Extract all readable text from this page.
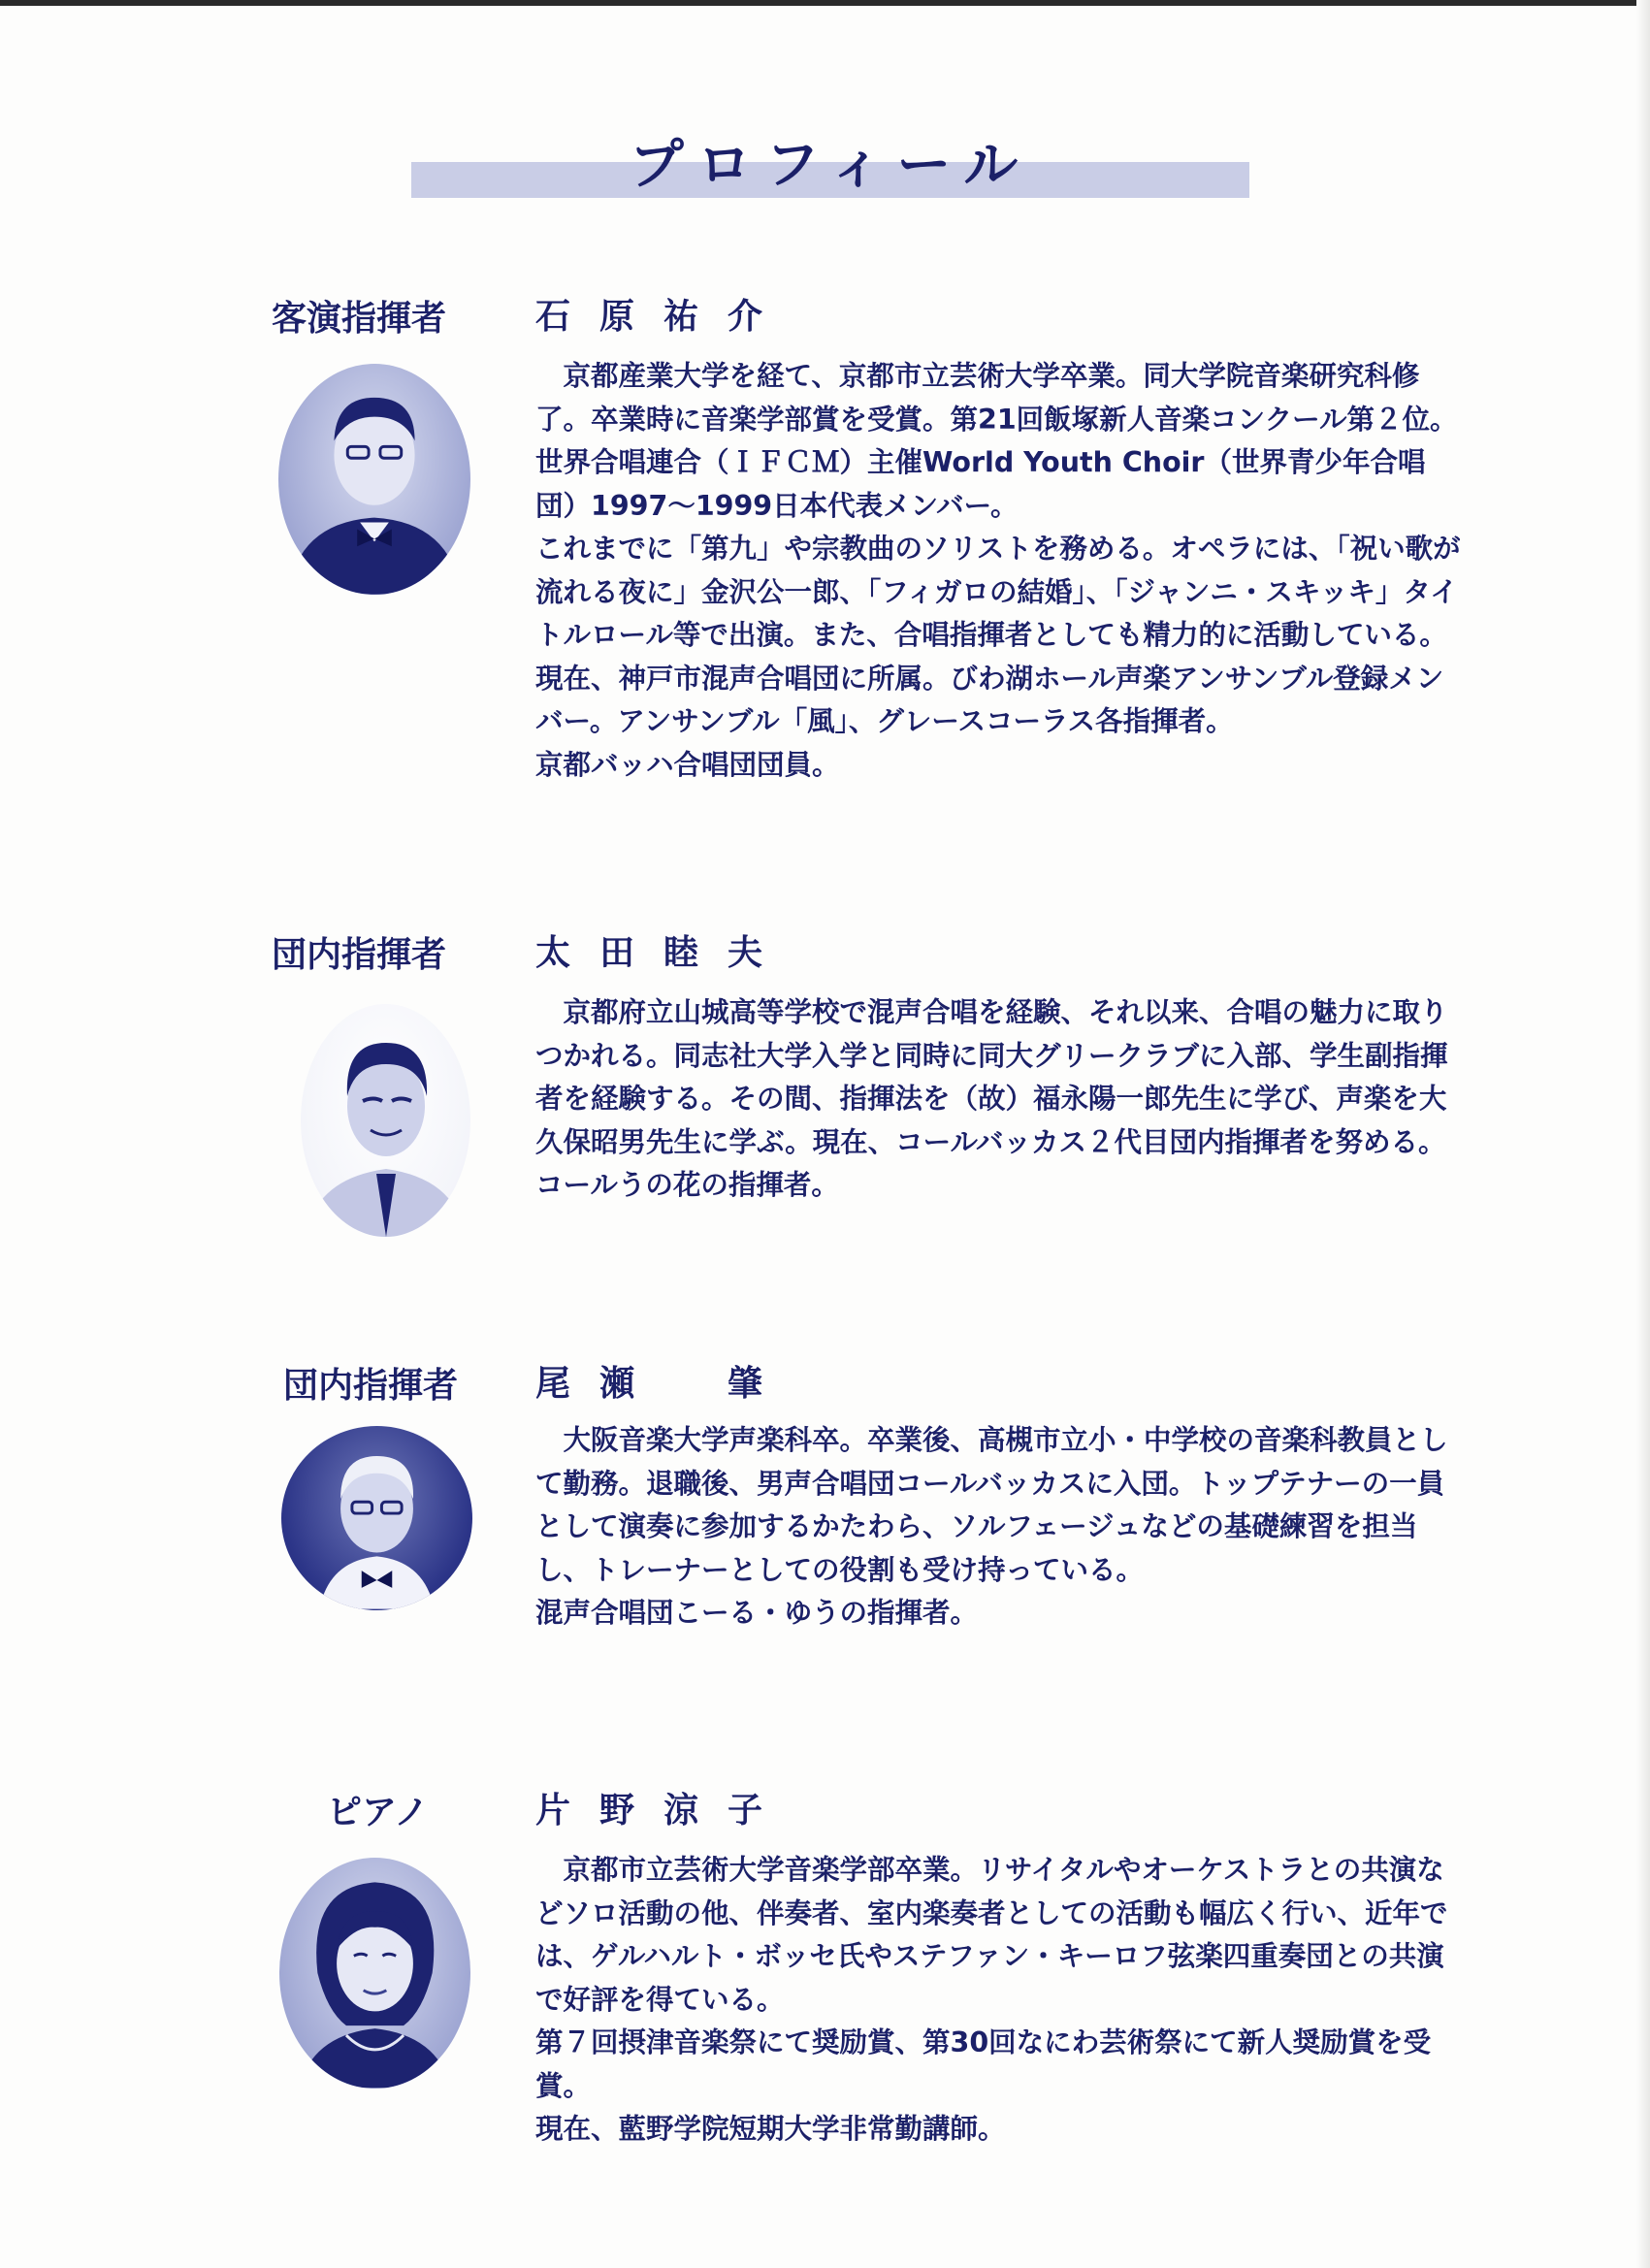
プロフィール
客演指揮者	石原祐介

京都産業大学を経て、京都市立芸術大学卒業。同大学院音楽研究科修了。卒業時に音楽学部賞を受賞。第21回飯塚新人音楽コンクール第２位。世界合唱連合（ＩＦＣＭ）主催World Youth Choir（世界青少年合唱団）1997〜1999日本代表メンバー。

これまでに「第九」や宗教曲のソリストを務める。オペラには、「祝い歌が流れる夜に」金沢公一郎、「フィガロの結婚」、「ジャンニ・スキッキ」タイトルロール等で出演。また、合唱指揮者としても精力的に活動している。

現在、神戸市混声合唱団に所属。びわ湖ホール声楽アンサンブル登録メンバー。アンサンブル「風」、グレースコーラス各指揮者。

京都バッハ合唱団団員。

団内指揮者	太田睦夫

京都府立山城高等学校で混声合唱を経験、それ以来、合唱の魅力に取りつかれる。同志社大学入学と同時に同大グリークラブに入部、学生副指揮者を経験する。その間、指揮法を（故）福永陽一郎先生に学び、声楽を大久保昭男先生に学ぶ。現在、コールバッカス２代目団内指揮者を努める。

コールうの花の指揮者。

団内指揮者 尾瀬　肇

大阪音楽大学声楽科卒。卒業後、高槻市立小・中学校の音楽科教員として勤務。退職後、男声合唱団コールバッカスに入団。トップテナーの一員として演奏に参加するかたわら、ソルフェージュなどの基礎練習を担当し、トレーナーとしての役割も受け持っている。

混声合唱団こーる・ゆうの指揮者。

ピアノ	片野涼子

京都市立芸術大学音楽学部卒業。リサイタルやオーケストラとの共演などソロ活動の他、伴奏者、室内楽奏者としての活動も幅広く行い、近年では、ゲルハルト・ボッセ氏やステファン・キーロフ弦楽四重奏団との共演で好評を得ている。

第７回摂津音楽祭にて奨励賞、第30回なにわ芸術祭にて新人奨励賞を受賞。

現在、藍野学院短期大学非常勤講師。
